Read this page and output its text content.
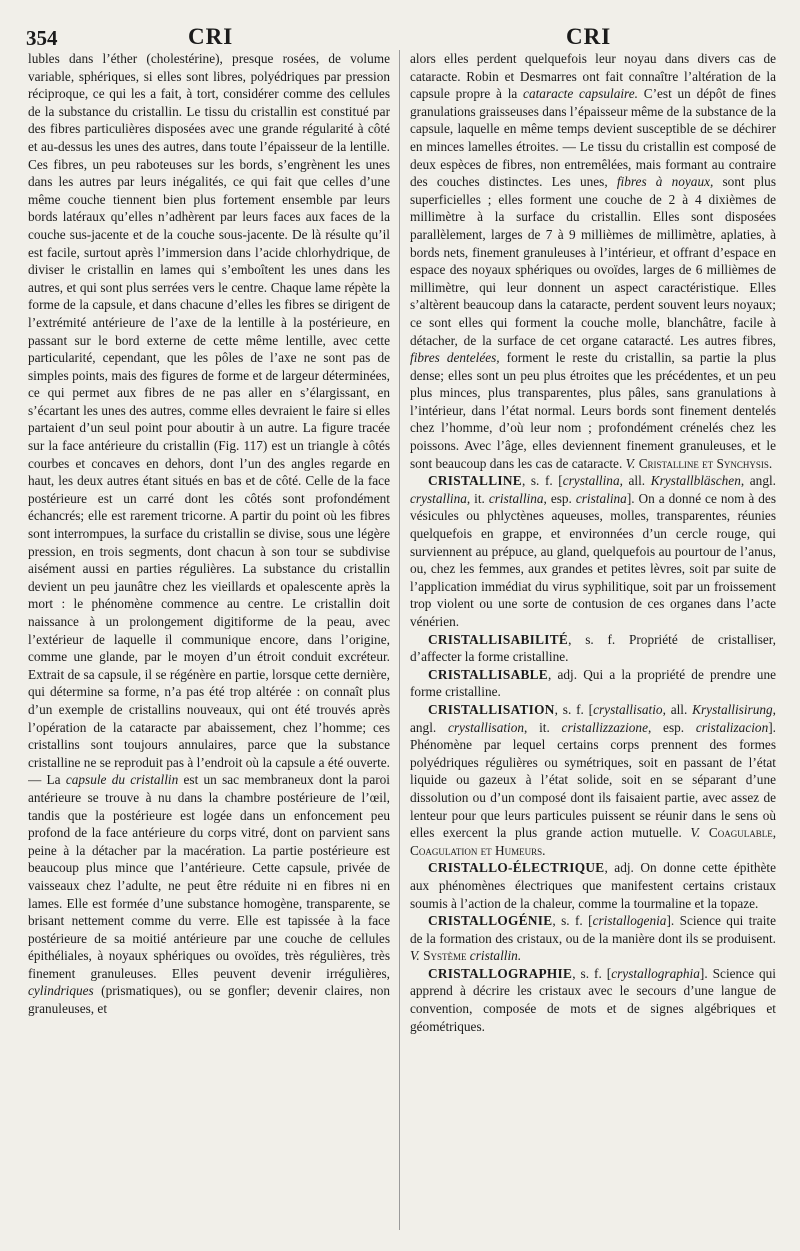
354	CRI	CRI

lubles dans l’éther (cholestérine), presque rosées, de volume variable, sphériques, si elles sont libres, polyédriques par pression réciproque, ce qui les a fait, à tort, considérer comme des cellules de la substance du cristallin. Le tissu du cristallin est constitué par des fibres particulières disposées avec une grande régularité à côté et au-dessus les unes des autres, dans toute l’épaisseur de la lentille. Ces fibres, un peu raboteuses sur les bords, s’engrènent les unes dans les autres par leurs inégalités, ce qui fait que celles d’une même couche tiennent bien plus fortement ensemble par leurs bords latéraux qu’elles n’adhèrent par leurs faces aux faces de la couche sus-jacente et de la couche sous-jacente. De là résulte qu’il est facile, surtout après l’immersion dans l’acide chlorhydrique, de diviser le cristallin en lames qui s’emboîtent les unes dans les autres, et qui sont plus serrées vers le centre. Chaque lame répète la forme de la capsule, et dans chacune d’elles les fibres se dirigent de l’extrémité antérieure de l’axe de la lentille à la postérieure, en passant sur le bord externe de cette même lentille, avec cette particularité, cependant, que les pôles de l’axe ne sont pas de simples points, mais des figures de forme et de largeur déterminées, ce qui permet aux fibres de ne pas aller en s’élargissant, en s’écartant les unes des autres, comme elles devraient le faire si elles partaient d’un seul point pour aboutir à un autre. La figure tracée sur la face antérieure du cristallin (Fig. 117) est un triangle à côtés courbes et concaves en dehors, dont l’un des angles regarde en haut, les deux autres étant situés en bas et de côté. Celle de la face postérieure est un carré dont les côtés sont profondément échancrés; elle est rarement tricorne. A partir du point où les fibres sont interrompues, la surface du cristallin se divise, sous une légère pression, en trois segments, dont chacun à son tour se subdivise aisément aussi en parties régulières. La substance du cristallin devient un peu jaunâtre chez les vieillards et opalescente après la mort : le phénomène commence au centre. Le cristallin doit naissance à un prolongement digitiforme de la peau, avec l’extérieur de laquelle il communique encore, dans l’origine, comme une glande, par le moyen d’un étroit conduit excréteur. Extrait de sa capsule, il se régénère en partie, lorsque cette dernière, qui détermine sa forme, n’a pas été trop altérée : on connaît plus d’un exemple de cristallins nouveaux, qui ont été trouvés après l’opération de la cataracte par abaissement, chez l’homme; ces cristallins sont toujours annulaires, parce que la substance cristalline ne se reproduit pas à l’endroit où la capsule a été ouverte. — La capsule du cristallin est un sac membraneux dont la paroi antérieure se trouve à nu dans la chambre postérieure de l’œil, tandis que la postérieure est logée dans un enfoncement peu profond de la face antérieure du corps vitré, dont on parvient sans peine à la détacher par la macération. La partie postérieure est beaucoup plus mince que l’antérieure. Cette capsule, privée de vaisseaux chez l’adulte, ne peut être réduite ni en fibres ni en lames. Elle est formée d’une substance homogène, transparente, se brisant nettement comme du verre. Elle est tapissée à la face postérieure de sa moitié antérieure par une couche de cellules épithéliales, à noyaux sphériques ou ovoïdes, très régulières, très finement granuleuses. Elles peuvent devenir irrégulières, cylindriques (prismatiques), ou se gonfler; devenir claires, non granuleuses, et

alors elles perdent quelquefois leur noyau dans divers cas de cataracte. Robin et Desmarres ont fait connaître l’altération de la capsule propre à la cataracte capsulaire. C’est un dépôt de fines granulations graisseuses dans l’épaisseur même de la substance de la capsule, laquelle en même temps devient susceptible de se déchirer en minces lamelles étroites. — Le tissu du cristallin est composé de deux espèces de fibres, non entremêlées, mais formant au contraire des couches distinctes. Les unes, fibres à noyaux, sont plus superficielles ; elles forment une couche de 2 à 4 dixièmes de millimètre à la surface du cristallin. Elles sont disposées parallèlement, larges de 7 à 9 millièmes de millimètre, aplaties, à bords nets, finement granuleuses à l’intérieur, et offrant d’espace en espace des noyaux sphériques ou ovoïdes, larges de 6 millièmes de millimètre, qui leur donnent un aspect caractéristique. Elles s’altèrent beaucoup dans la cataracte, perdent souvent leurs noyaux; ce sont elles qui forment la couche molle, blanchâtre, facile à détacher, de la surface de cet organe cataracté. Les autres fibres, fibres dentelées, forment le reste du cristallin, sa partie la plus dense; elles sont un peu plus étroites que les précédentes, et un peu plus minces, plus transparentes, plus pâles, sans granulations à l’intérieur, dans l’état normal. Leurs bords sont finement dentelés chez l’homme, d’où leur nom ; profondément crénelés chez les poissons. Avec l’âge, elles deviennent finement granuleuses, et le sont beaucoup dans les cas de cataracte. V. Cristalline et Synchysis.

CRISTALLINE, s. f. [crystallina, all. Krystallbläschen, angl. crystallina, it. cristallina, esp. cristalina]. On a donné ce nom à des vésicules ou phlyctènes aqueuses, molles, transparentes, réunies quelquefois en grappe, et environnées d’un cercle rouge, qui surviennent au prépuce, au gland, quelquefois au pourtour de l’anus, ou, chez les femmes, aux grandes et petites lèvres, soit par suite de l’application immédiat du virus syphilitique, soit par un froissement trop violent ou une sorte de contusion de ces organes dans l’acte vénérien.

CRISTALLISABILITÉ, s. f. Propriété de cristalliser, d’affecter la forme cristalline.

CRISTALLISABLE, adj. Qui a la propriété de prendre une forme cristalline.

CRISTALLISATION, s. f. [crystallisatio, all. Krystallisirung, angl. crystallisation, it. cristallizzazione, esp. cristalizacion]. Phénomène par lequel certains corps prennent des formes polyédriques régulières ou symétriques, soit en passant de l’état liquide ou gazeux à l’état solide, soit en se séparant d’une dissolution ou d’un composé dont ils faisaient partie, avec assez de lenteur pour que leurs particules puissent se réunir dans le sens où elles exercent la plus grande action mutuelle. V. Coagulable, Coagulation et Humeurs.

CRISTALLO-ÉLECTRIQUE, adj. On donne cette épithète aux phénomènes électriques que manifestent certains cristaux soumis à l’action de la chaleur, comme la tourmaline et la topaze.

CRISTALLOGÉNIE, s. f. [cristallogenia]. Science qui traite de la formation des cristaux, ou de la manière dont ils se produisent. V. Système cristallin.

CRISTALLOGRAPHIE, s. f. [crystallographia]. Science qui apprend à décrire les cristaux avec le secours d’une langue de convention, composée de mots et de signes algébriques et géométriques.
